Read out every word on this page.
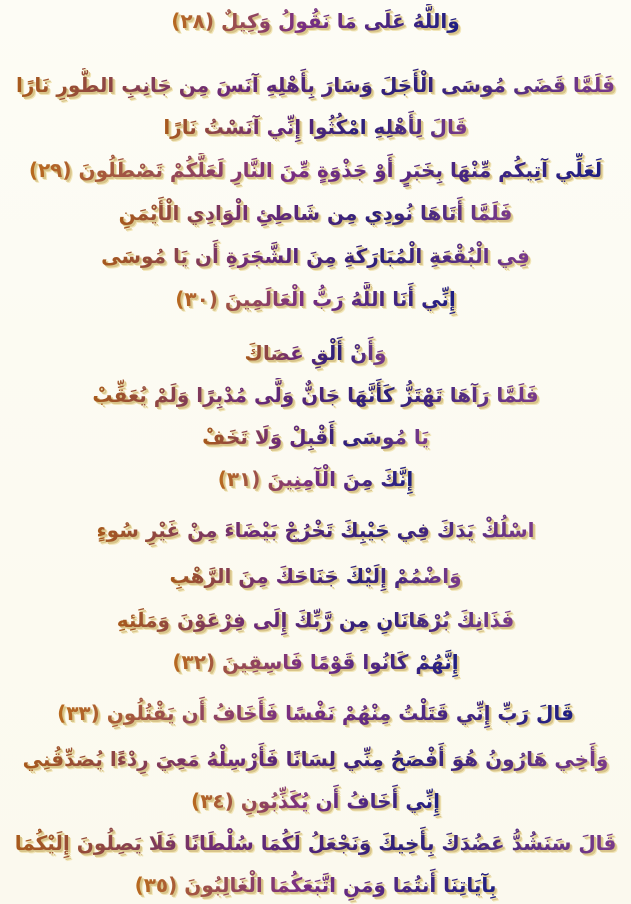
وَاللَّهُ عَلَى مَا نَقُولُ وَكِيلٌ (٢٨)
فَلَمَّا قَضَى مُوسَى الْأَجَلَ وَسَارَ بِأَهْلِهِ آنَسَ مِن جَانِبِ الطُّورِ نَارًا
قَالَ لِأَهْلِهِ امْكُثُوا إِنِّي آنَسْتُ نَارًا
لَعَلِّي آتِيكُم مِّنْهَا بِخَبَرٍ أَوْ جَذْوَةٍ مِّنَ النَّارِ لَعَلَّكُمْ تَصْطَلُونَ (٢٩)
فَلَمَّا أَتَاهَا نُودِي مِن شَاطِئِ الْوَادِي الْأَيْمَنِ
فِي الْبُقْعَةِ الْمُبَارَكَةِ مِنَ الشَّجَرَةِ أَن يَا مُوسَى
إِنِّي أَنَا اللَّهُ رَبُّ الْعَالَمِينَ (٣٠)
وَأَنْ أَلْقِ عَصَاكَ
فَلَمَّا رَآهَا تَهْتَزُّ كَأَنَّهَا جَانٌّ وَلَّى مُدْبِرًا وَلَمْ يُعَقِّبْ
يَا مُوسَى أَقْبِلْ وَلَا تَخَفْ
إِنَّكَ مِنَ الْآمِنِينَ (٣١)
اسْلُكْ يَدَكَ فِي جَيْبِكَ تَخْرُجْ بَيْضَاءَ مِنْ غَيْرِ سُوءٍ
وَاضْمُمْ إِلَيْكَ جَنَاحَكَ مِنَ الرَّهْبِ
فَذَانِكَ بُرْهَانَانِ مِن رَّبِّكَ إِلَى فِرْعَوْنَ وَمَلَئِهِ
إِنَّهُمْ كَانُوا قَوْمًا فَاسِقِينَ (٣٢)
قَالَ رَبِّ إِنِّي قَتَلْتُ مِنْهُمْ نَفْسًا فَأَخَافُ أَن يَقْتُلُونِ (٣٣)
وَأَخِي هَارُونُ هُوَ أَفْصَحُ مِنِّي لِسَانًا فَأَرْسِلْهُ مَعِيَ رِدْءًا يُصَدِّقُنِي
إِنِّي أَخَافُ أَن يُكَذِّبُونِ (٣٤)
قَالَ سَنَشُدُّ عَضُدَكَ بِأَخِيكَ وَنَجْعَلُ لَكُمَا سُلْطَانًا فَلَا يَصِلُونَ إِلَيْكُمَا
بِآيَاتِنَا أَنتُمَا وَمَنِ اتَّبَعَكُمَا الْغَالِبُونَ (٣٥)
